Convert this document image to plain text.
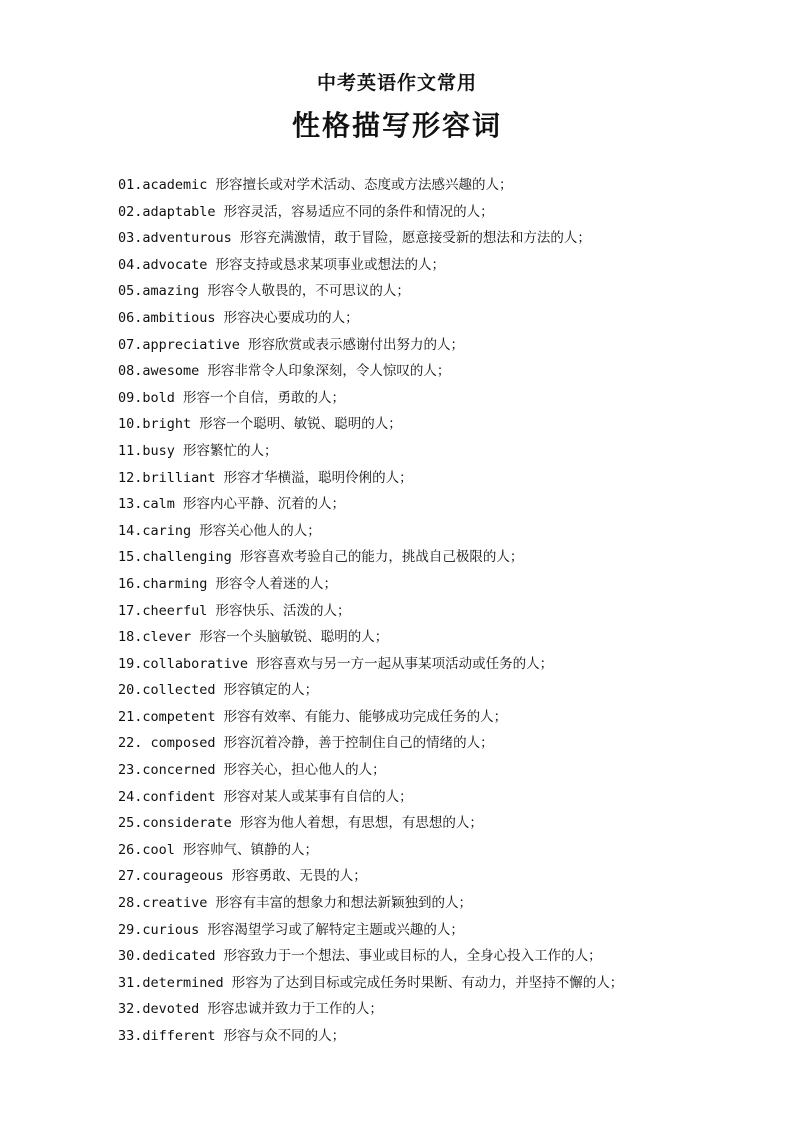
中考英语作文常用
性格描写形容词
01.academic 形容擅长或对学术活动、态度或方法感兴趣的人；
02.adaptable 形容灵活，容易适应不同的条件和情况的人；
03.adventurous 形容充满激情，敢于冒险，愿意接受新的想法和方法的人；
04.advocate 形容支持或恳求某项事业或想法的人；
05.amazing 形容令人敬畏的，不可思议的人；
06.ambitious 形容决心要成功的人；
07.appreciative 形容欣赏或表示感谢付出努力的人；
08.awesome 形容非常令人印象深刻，令人惊叹的人；
09.bold 形容一个自信，勇敢的人；
10.bright 形容一个聪明、敏锐、聪明的人；
11.busy 形容繁忙的人；
12.brilliant 形容才华横溢，聪明伶俐的人；
13.calm 形容内心平静、沉着的人；
14.caring 形容关心他人的人；
15.challenging 形容喜欢考验自己的能力，挑战自己极限的人；
16.charming 形容令人着迷的人；
17.cheerful 形容快乐、活泼的人；
18.clever 形容一个头脑敏锐、聪明的人；
19.collaborative 形容喜欢与另一方一起从事某项活动或任务的人；
20.collected 形容镇定的人；
21.competent 形容有效率、有能力、能够成功完成任务的人；
22. composed 形容沉着冷静，善于控制住自己的情绪的人；
23.concerned 形容关心，担心他人的人；
24.confident 形容对某人或某事有自信的人；
25.considerate 形容为他人着想，有思想，有思想的人；
26.cool 形容帅气、镇静的人；
27.courageous 形容勇敢、无畏的人；
28.creative 形容有丰富的想象力和想法新颖独到的人；
29.curious 形容渴望学习或了解特定主题或兴趣的人；
30.dedicated 形容致力于一个想法、事业或目标的人，全身心投入工作的人；
31.determined 形容为了达到目标或完成任务时果断、有动力，并坚持不懈的人；
32.devoted 形容忠诚并致力于工作的人；
33.different 形容与众不同的人；
